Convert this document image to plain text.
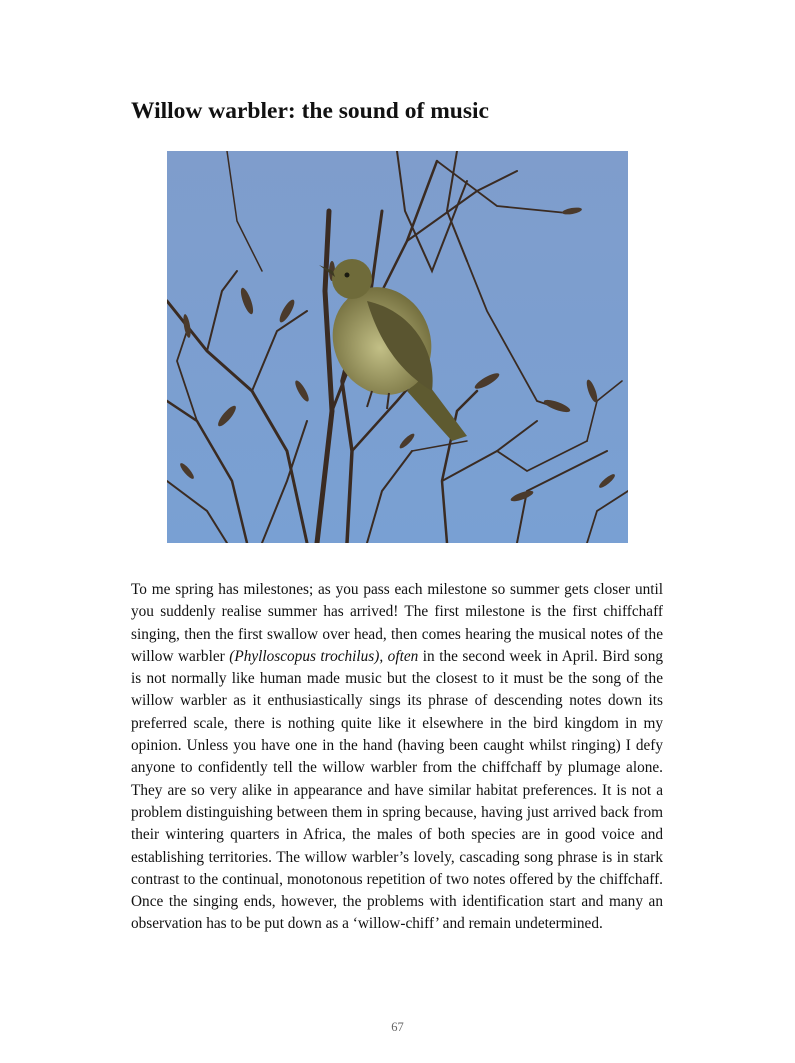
Willow warbler: the sound of music

To me spring has milestones; as you pass each milestone so summer gets closer until you suddenly realise summer has arrived! The first milestone is the first chiffchaff singing, then the first swallow over head, then comes hearing the musical notes of the willow warbler (Phylloscopus trochilus), often in the second week in April. Bird song is not normally like human made music but the closest to it must be the song of the willow warbler as it enthusiastically sings its phrase of descending notes down its preferred scale, there is nothing quite like it elsewhere in the bird kingdom in my opinion. Unless you have one in the hand (having been caught whilst ringing) I defy anyone to confidently tell the willow warbler from the chiffchaff by plumage alone. They are so very alike in appearance and have similar habitat preferences. It is not a problem distinguishing between them in spring because, having just arrived back from their wintering quarters in Africa, the males of both species are in good voice and establishing territories. The willow warbler’s lovely, cascading song phrase is in stark contrast to the continual, monotonous repetition of two notes offered by the chiffchaff. Once the singing ends, however, the problems with identification start and many an observation has to be put down as a ‘willow-chiff’ and remain undetermined.

67
